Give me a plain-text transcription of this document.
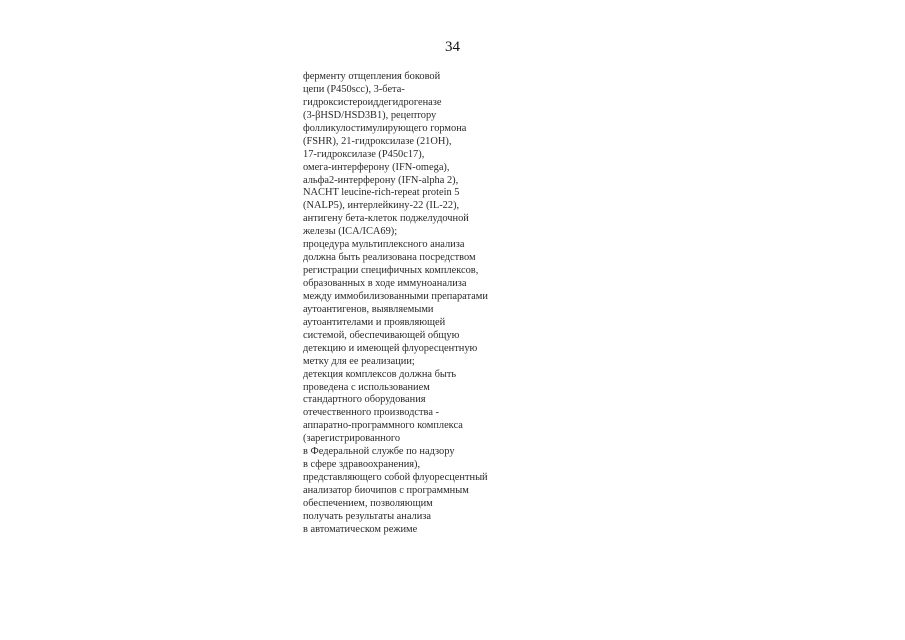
34
ферменту отщепления боковой
цепи (P450scc), 3-бета-
гидроксистероиддегидрогеназе
(3-βHSD/HSD3B1), рецептору
фолликулостимулирующего гормона
(FSHR), 21-гидроксилазе (21OH),
17-гидроксилазе (P450c17),
омега-интерферону (IFN-omega),
альфа2-интерферону (IFN-alpha 2),
NACHT leucine-rich-repeat protein 5
(NALP5), интерлейкину-22 (IL-22),
антигену бета-клеток поджелудочной
железы (ICA/ICA69);
процедура мультиплексного анализа
должна быть реализована посредством
регистрации специфичных комплексов,
образованных в ходе иммуноанализа
между иммобилизованными препаратами
аутоантигенов, выявляемыми
аутоантителами и проявляющей
системой, обеспечивающей общую
детекцию и имеющей флуоресцентную
метку для ее реализации;
детекция комплексов должна быть
проведена с использованием
стандартного оборудования
отечественного производства -
аппаратно-программного комплекса
(зарегистрированного
в Федеральной службе по надзору
в сфере здравоохранения),
представляющего собой флуоресцентный
анализатор биочипов с программным
обеспечением, позволяющим
получать результаты анализа
в автоматическом режиме
